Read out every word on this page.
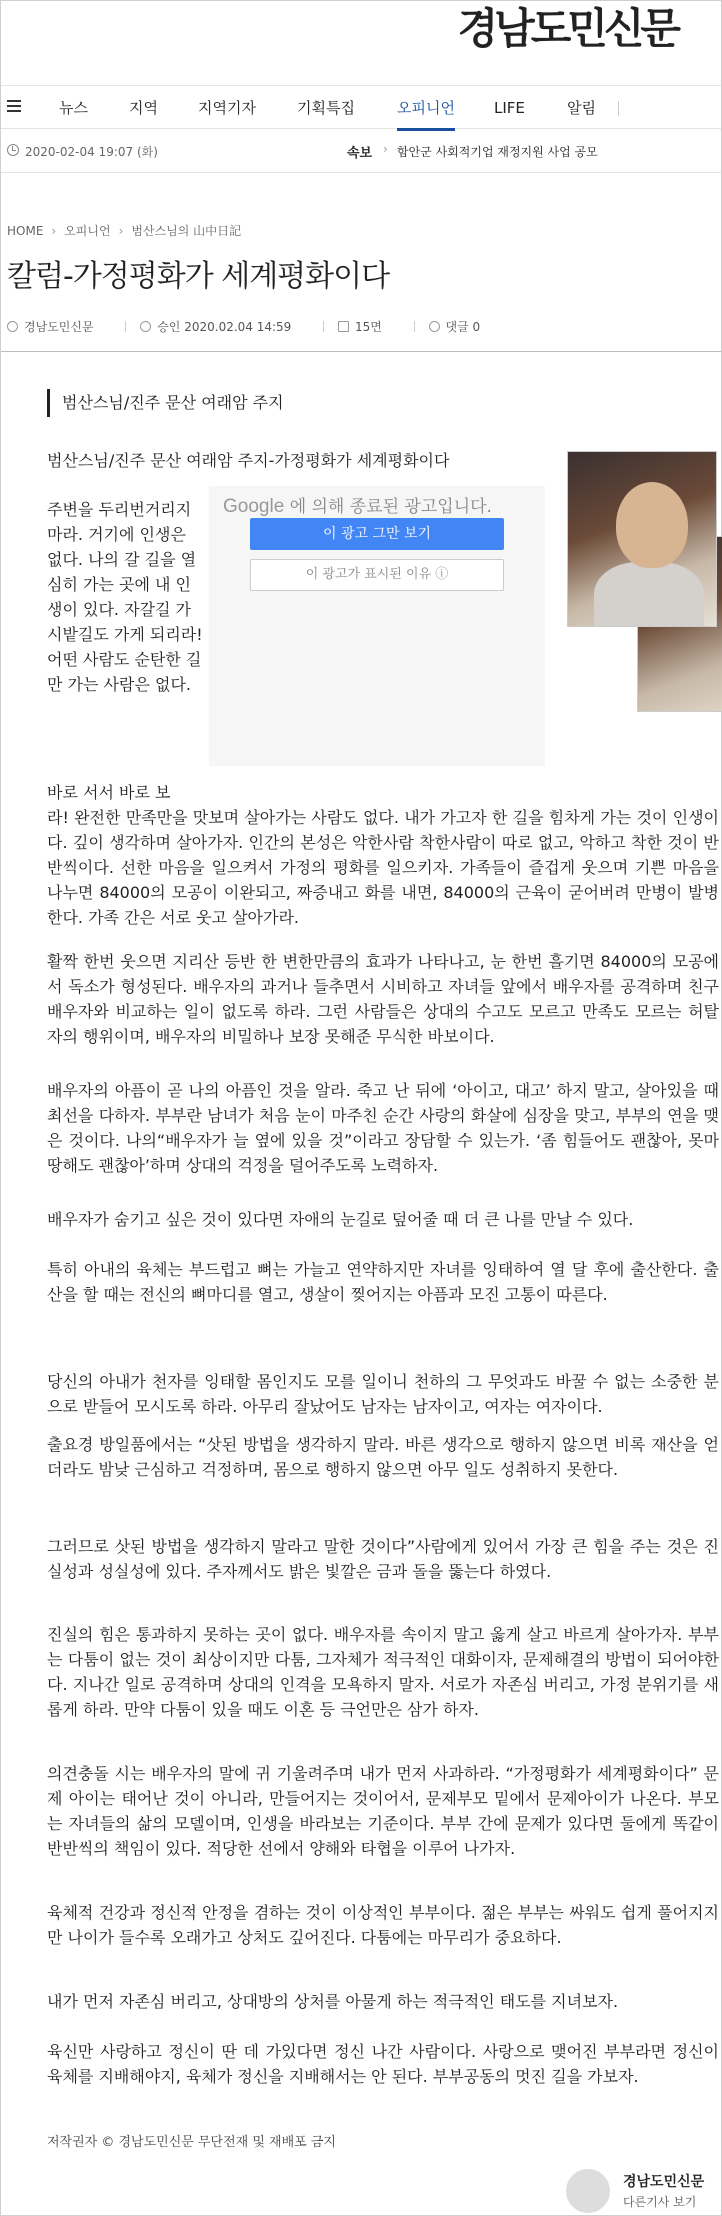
경남도민신문
뉴스	지역	지역기자	기획특집	오피니언	LIFE	알림
2020-02-04 19:07 (화)	속보 › 함안군 사회적기업 재정지원 사업 공모
HOME › 오피니언 › 범산스님의 山中日記
칼럼-가정평화가 세계평화이다
경남도민신문	승인 2020.02.04 14:59	15면	댓글 0
범산스님/진주 문산 여래암 주지

범산스님/진주 문산 여래암 주지-가정평화가 세계평화이다

주변을 두리번거리지 마라. 거기에 인생은 없다. 나의 갈 길을 열심히 가는 곳에 내 인생이 있다. 자갈길 가시밭길도 가게 되리라! 어떤 사람도 순탄한 길만 가는 사람은 없다.
Google 에 의해 종료된 광고입니다.
이 광고 그만 보기
이 광고가 표시된 이유 ⓘ
바로 서서 바로 보
라! 완전한 만족만을 맛보며 살아가는 사람도 없다. 내가 가고자 한 길을 힘차게 가는 것이 인생이다. 깊이 생각하며 살아가자. 인간의 본성은 악한사람 착한사람이 따로 없고, 악하고 착한 것이 반반씩이다. 선한 마음을 일으켜서 가정의 평화를 일으키자. 가족들이 즐겁게 웃으며 기쁜 마음을 나누면 84000의 모공이 이완되고, 짜증내고 화를 내면, 84000의 근육이 굳어버려 만병이 발병한다. 가족 간은 서로 웃고 살아가라.
활짝 한번 웃으면 지리산 등반 한 변한만큼의 효과가 나타나고, 눈 한번 흘기면 84000의 모공에서 독소가 형성된다. 배우자의 과거나 들추면서 시비하고 자녀들 앞에서 배우자를 공격하며 친구배우자와 비교하는 일이 없도록 하라. 그런 사람들은 상대의 수고도 모르고 만족도 모르는 허탈 자의 행위이며, 배우자의 비밀하나 보장 못해준 무식한 바보이다.
배우자의 아픔이 곧 나의 아픔인 것을 알라. 죽고 난 뒤에 ‘아이고, 대고’ 하지 말고, 살아있을 때 최선을 다하자. 부부란 남녀가 처음 눈이 마주친 순간 사랑의 화살에 심장을 맞고, 부부의 연을 맺은 것이다. 나의“배우자가 늘 옆에 있을 것”이라고 장담할 수 있는가. ‘좀 힘들어도 괜찮아, 못마땅해도 괜찮아’하며 상대의 걱정을 덜어주도록 노력하자.
배우자가 숨기고 싶은 것이 있다면 자애의 눈길로 덮어줄 때 더 큰 나를 만날 수 있다.
특히 아내의 육체는 부드럽고 뼈는 가늘고 연약하지만 자녀를 잉태하여 열 달 후에 출산한다. 출산을 할 때는 전신의 뼈마디를 열고, 생살이 찢어지는 아픔과 모진 고통이 따른다.
당신의 아내가 천자를 잉태할 몸인지도 모를 일이니 천하의 그 무엇과도 바꿀 수 없는 소중한 분으로 받들어 모시도록 하라. 아무리 잘났어도 남자는 남자이고, 여자는 여자이다.
출요경 방일품에서는 “삿된 방법을 생각하지 말라. 바른 생각으로 행하지 않으면 비록 재산을 얻더라도 밤낮 근심하고 걱정하며, 몸으로 행하지 않으면 아무 일도 성취하지 못한다.
그러므로 삿된 방법을 생각하지 말라고 말한 것이다”사람에게 있어서 가장 큰 힘을 주는 것은 진실성과 성실성에 있다. 주자께서도 밝은 빛깔은 금과 돌을 뚫는다 하였다.
진실의 힘은 통과하지 못하는 곳이 없다. 배우자를 속이지 말고 옳게 살고 바르게 살아가자. 부부는 다툼이 없는 것이 최상이지만 다툼, 그자체가 적극적인 대화이자, 문제해결의 방법이 되어야한다. 지나간 일로 공격하며 상대의 인격을 모욕하지 말자. 서로가 자존심 버리고, 가정 분위기를 새롭게 하라. 만약 다툼이 있을 때도 이혼 등 극언만은 삼가 하자.
의견충돌 시는 배우자의 말에 귀 기울려주며 내가 먼저 사과하라. “가정평화가 세계평화이다” 문제 아이는 태어난 것이 아니라, 만들어지는 것이어서, 문제부모 밑에서 문제아이가 나온다. 부모는 자녀들의 삶의 모델이며, 인생을 바라보는 기준이다. 부부 간에 문제가 있다면 둘에게 똑같이 반반씩의 책임이 있다. 적당한 선에서 양해와 타협을 이루어 나가자.
육체적 건강과 정신적 안정을 겸하는 것이 이상적인 부부이다. 젊은 부부는 싸워도 쉽게 풀어지지만 나이가 들수록 오래가고 상처도 깊어진다. 다툼에는 마무리가 중요하다.
내가 먼저 자존심 버리고, 상대방의 상처를 아물게 하는 적극적인 태도를 지녀보자.
육신만 사랑하고 정신이 딴 데 가있다면 정신 나간 사람이다. 사랑으로 맺어진 부부라면 정신이 육체를 지배해야지, 육체가 정신을 지배해서는 안 된다. 부부공동의 멋진 길을 가보자.
저작권자 © 경남도민신문 무단전재 및 재배포 금지
경남도민신문
다른기사 보기
